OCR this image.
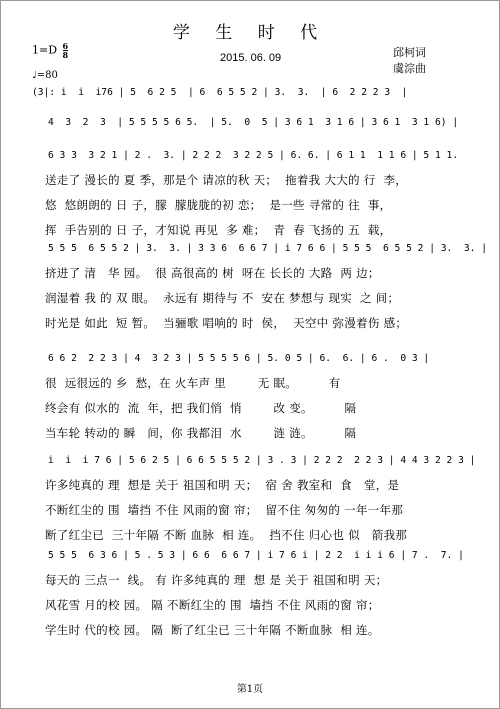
学 生 时 代
$1=D \frac{6}{8}$
♩=80
2015. 06. 09	邱柯词
虞淙曲
(3|: i  i  i76 | 5  6 2 5  | 6  6 5 5 2 | 3.  3.  | 6  2 2 2 3  |
4  3  2  3  | 5 5 5 5 6 5.  | 5.  0  5 | 3 6 1  3 1 6 | 3 6 1  3 1 6) |
6 3 3  3 2 1 | 2 .  3. | 2 2 2  3 2 2 5 | 6. 6. | 6 1 1  1 1 6 | 5 1 1.
送走了 漫长的 夏 季，那是个 请凉的秋 天；  拖着我 大大的 行  李，
悠  悠朗朗的 日 子，朦  朦胧胧的初 恋；  是一些 寻常的 往  事，
挥  手告别的 日 子，才知说 再见  多 难；  青  春 飞扬的 五  载，
5 5 5  6 5 5 2 | 3.  3. | 3 3 6  6 6 7 | i 7 6 6 | 5 5 5  6 5 5 2 | 3.  3. |
挤进了 清   华 园。  很 高很高的 树  呀在 长长的 大路  两 边；
润湿着 我 的 双 眼。  永远有 期待与 不  安在 梦想与 现实  之 间；
时光是 如此  短 暂。  当骊歌 唱响的 时  侯，  天空中 弥漫着伤 感；
6 6 2  2 2 3 | 4  3 2 3 | 5 5 5 5 6 | 5. 0 5 | 6.  6. | 6 .  0 3 |
很  远很远的 乡  愁，在 火车声 里        无 眠。        有
终会有 似水的  流  年，把 我们悄  悄        改 变。        隔
当车轮 转动的 瞬   间，你 我都泪  水        涟 涟。        隔
i  i  i 7 6 | 5 6 2 5 | 6 6 5 5 5 2 | 3 . 3 | 2 2 2  2 2 3 | 4 4 3 2 2 3 |
许多纯真的 理  想是 关于 祖国和明 天；  宿 舍 教室和  食   堂，是
不断红尘的 围  墙挡 不住 风雨的窗 帘；  留不住 匆匆的 一年一年那
断了红尘已  三十年隔 不断 血脉  相 连。  挡不住 归心也 似   箭我那
5 5 5  6 3 6 | 5 . 5 3 | 6 6  6 6 7 | i 7 6 i | 2 2  i i i 6 | 7 .  7. |
每天的 三点一  线。 有 许多纯真的 理  想 是 关于 祖国和明 天；
风花雪 月的校 园。 隔 不断红尘的 围  墙挡 不住 风雨的窗 帘；
学生时 代的校 园。 隔  断了红尘已 三十年隔 不断血脉  相 连。
第1页
